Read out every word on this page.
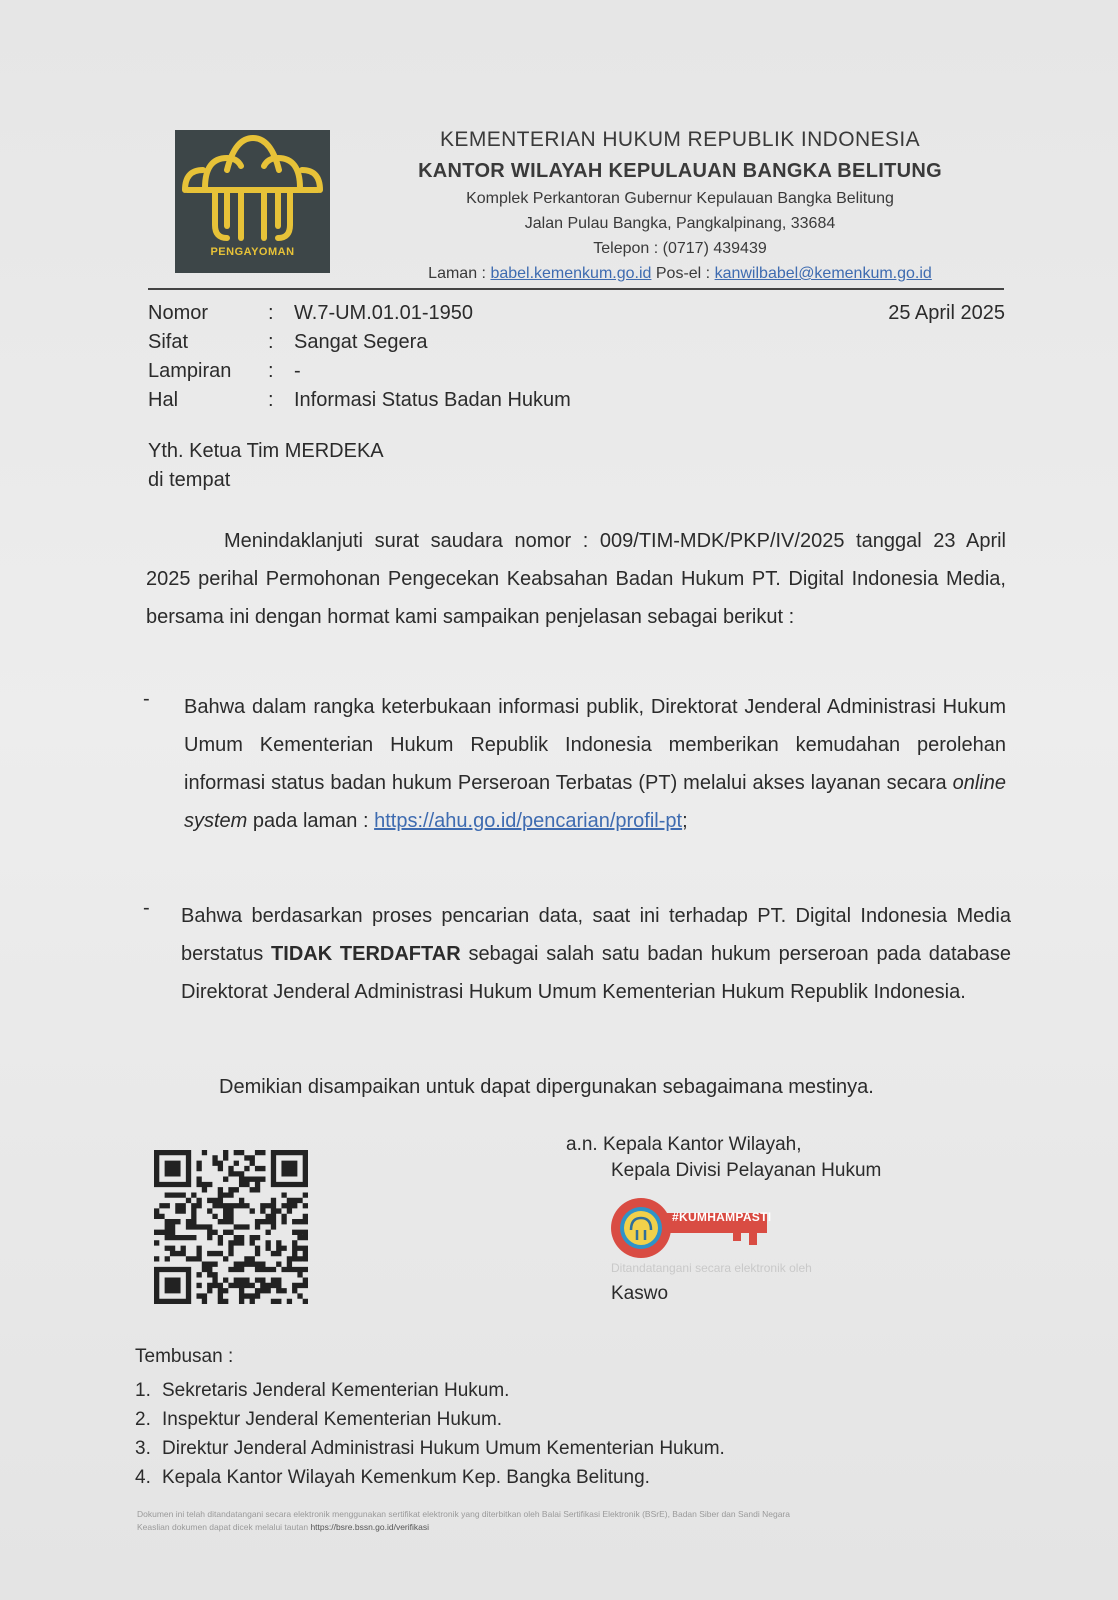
PENGAYOMAN
KEMENTERIAN HUKUM REPUBLIK INDONESIA
KANTOR WILAYAH KEPULAUAN BANGKA BELITUNG
Komplek Perkantoran Gubernur Kepulauan Bangka Belitung
Jalan Pulau Bangka, Pangkalpinang, 33684
Telepon : (0717) 439439
Laman : babel.kemenkum.go.id Pos-el : kanwilbabel@kemenkum.go.id
Nomor	: W.7-UM.01.01-1950
Sifat	: Sangat Segera
Lampiran : -
Hal	: Informasi Status Badan Hukum
25 April 2025
Yth. Ketua Tim MERDEKA
di tempat
Menindaklanjuti surat saudara nomor : 009/TIM-MDK/PKP/IV/2025 tanggal 23 April 2025 perihal Permohonan Pengecekan Keabsahan Badan Hukum PT. Digital Indonesia Media, bersama ini dengan hormat kami sampaikan penjelasan sebagai berikut :
- Bahwa dalam rangka keterbukaan informasi publik, Direktorat Jenderal Administrasi Hukum Umum Kementerian Hukum Republik Indonesia memberikan kemudahan perolehan informasi status badan hukum Perseroan Terbatas (PT) melalui akses layanan secara online system pada laman : https://ahu.go.id/pencarian/profil-pt;
- Bahwa berdasarkan proses pencarian data, saat ini terhadap PT. Digital Indonesia Media berstatus TIDAK TERDAFTAR sebagai salah satu badan hukum perseroan pada database Direktorat Jenderal Administrasi Hukum Umum Kementerian Hukum Republik Indonesia.
Demikian disampaikan untuk dapat dipergunakan sebagaimana mestinya.
a.n. Kepala Kantor Wilayah,
Kepala Divisi Pelayanan Hukum
#KUMHAMPASTI
Ditandatangani secara elektronik oleh
Kaswo
Tembusan :
1. Sekretaris Jenderal Kementerian Hukum.
2. Inspektur Jenderal Kementerian Hukum.
3. Direktur Jenderal Administrasi Hukum Umum Kementerian Hukum.
4. Kepala Kantor Wilayah Kemenkum Kep. Bangka Belitung.
Dokumen ini telah ditandatangani secara elektronik menggunakan sertifikat elektronik yang diterbitkan oleh Balai Sertifikasi Elektronik (BSrE), Badan Siber dan Sandi Negara
Keaslian dokumen dapat dicek melalui tautan https://bsre.bssn.go.id/verifikasi
